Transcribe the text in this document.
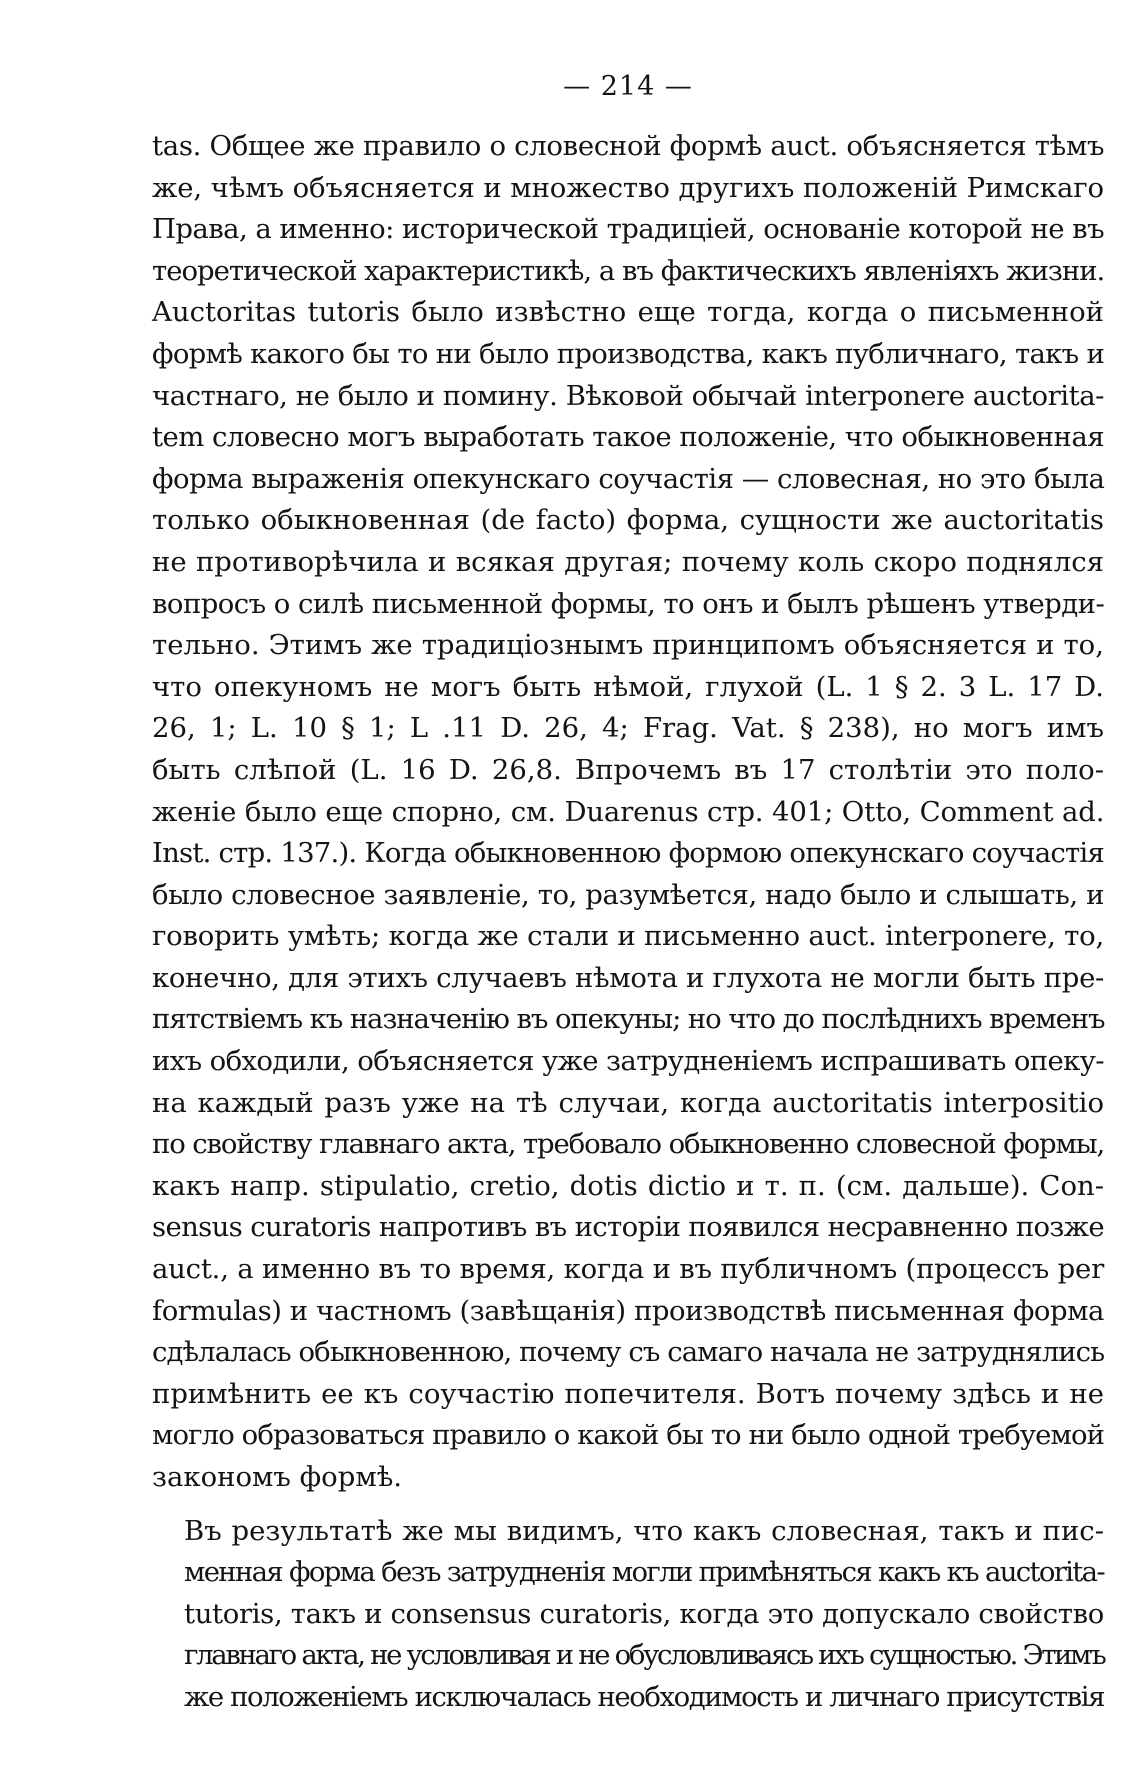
— 214 —

tas. Общее же правило о словесной формѣ auct. объясняется тѣмъ
же, чѣмъ объясняется и множество другихъ положеній Римскаго
Права, а именно: исторической традиціей, основаніе которой не въ
теоретической характеристикѣ, а въ фактическихъ явленіяхъ жизни.
Auctoritas tutoris было извѣстно еще тогда, когда о письменной
формѣ какого бы то ни было производства, какъ публичнаго, такъ и
частнаго, не было и помину. Вѣковой обычай interponere auctorita-
tem словесно могъ выработать такое положеніе, что обыкновенная
форма выраженія опекунскаго соучастія — словесная, но это была
только обыкновенная (de facto) форма, сущности же auctoritatis
не противорѣчила и всякая другая; почему коль скоро поднялся
вопросъ о силѣ письменной формы, то онъ и былъ рѣшенъ утверди-
тельно. Этимъ же традиціознымъ принципомъ объясняется и то,
что опекуномъ не могъ быть нѣмой, глухой (L. 1 § 2. 3 L. 17 D.
26, 1; L. 10 § 1; L .11 D. 26, 4; Frag. Vat. § 238), но могъ имъ
быть слѣпой (L. 16 D. 26,8. Впрочемъ въ 17 столѣтіи это поло-
женіе было еще спорно, см. Duarenus стр. 401; Otto, Comment ad.
Inst. стр. 137.). Когда обыкновенною формою опекунскаго соучастія
было словесное заявленіе, то, разумѣется, надо было и слышать, и
говорить умѣть; когда же стали и письменно auct. interponere, то,
конечно, для этихъ случаевъ нѣмота и глухота не могли быть пре-
пятствіемъ къ назначенію въ опекуны; но что до послѣднихъ временъ
ихъ обходили, объясняется уже затрудненіемъ испрашивать опеку-
на каждый разъ уже на тѣ случаи, когда auctoritatis interpositio
по свойству главнаго акта, требовало обыкновенно словесной формы,
какъ напр. stipulatio, cretio, dotis dictio и т. п. (см. дальше). Con-
sensus curatoris напротивъ въ исторіи появился несравненно позже
auct., а именно въ то время, когда и въ публичномъ (процессъ per
formulas) и частномъ (завѣщанія) производствѣ письменная форма
сдѣлалась обыкновенною, почему съ самаго начала не затруднялись
примѣнить ее къ соучастію попечителя. Вотъ почему здѣсь и не
могло образоваться правило о какой бы то ни было одной требуемой
закономъ формѣ.

Въ результатѣ же мы видимъ, что какъ словесная, такъ и пис-
менная форма безъ затрудненія могли примѣняться какъ къ auctorita-
tutoris, такъ и consensus curatoris, когда это допускало свойство
главнаго акта, не условливая и не обусловливаясь ихъ сущностью. Этимъ
же положеніемъ исключалась необходимость и личнаго присутствія
